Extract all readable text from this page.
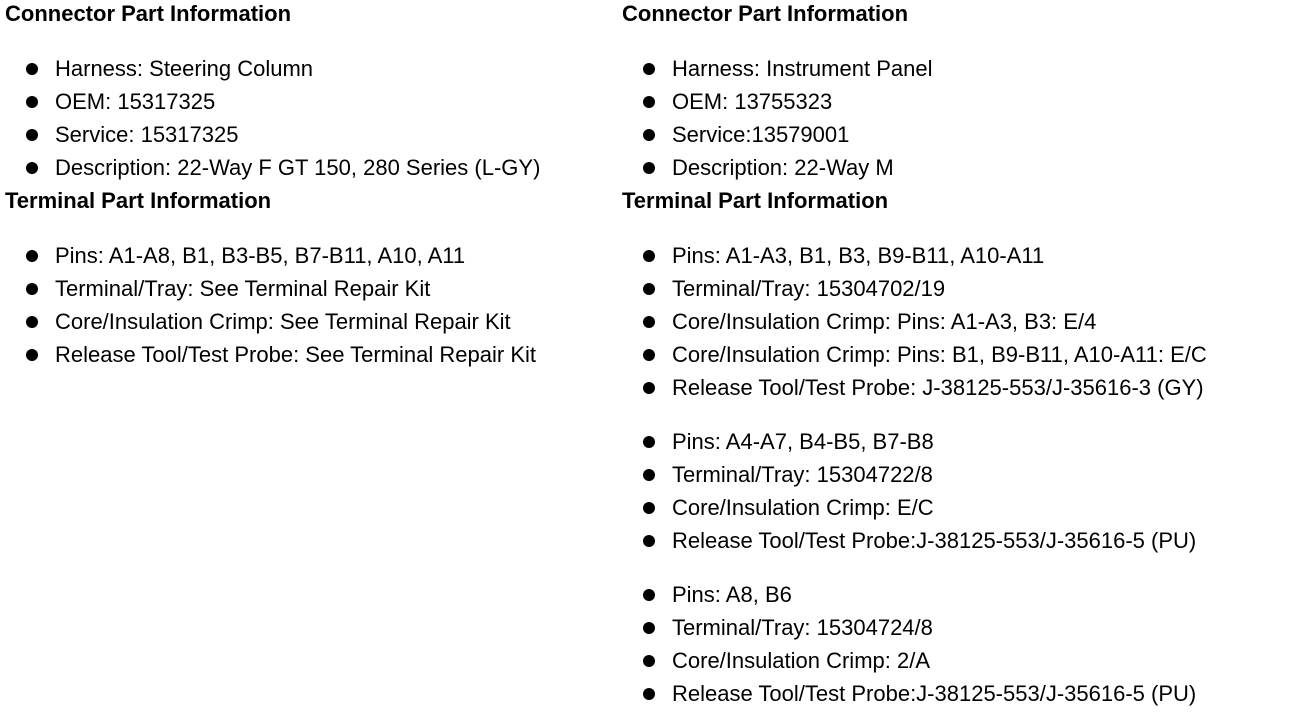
Connector Part Information
Harness: Steering Column
OEM: 15317325
Service: 15317325
Description: 22-Way F GT 150, 280 Series (L-GY)
Terminal Part Information
Pins: A1-A8, B1, B3-B5, B7-B11, A10, A11
Terminal/Tray: See Terminal Repair Kit
Core/Insulation Crimp: See Terminal Repair Kit
Release Tool/Test Probe: See Terminal Repair Kit
Connector Part Information
Harness: Instrument Panel
OEM: 13755323
Service:13579001
Description: 22-Way M
Terminal Part Information
Pins: A1-A3, B1, B3, B9-B11, A10-A11
Terminal/Tray: 15304702/19
Core/Insulation Crimp: Pins: A1-A3, B3: E/4
Core/Insulation Crimp: Pins: B1, B9-B11, A10-A11: E/C
Release Tool/Test Probe: J-38125-553/J-35616-3 (GY)
Pins: A4-A7, B4-B5, B7-B8
Terminal/Tray: 15304722/8
Core/Insulation Crimp: E/C
Release Tool/Test Probe:J-38125-553/J-35616-5 (PU)
Pins: A8, B6
Terminal/Tray: 15304724/8
Core/Insulation Crimp: 2/A
Release Tool/Test Probe:J-38125-553/J-35616-5 (PU)
